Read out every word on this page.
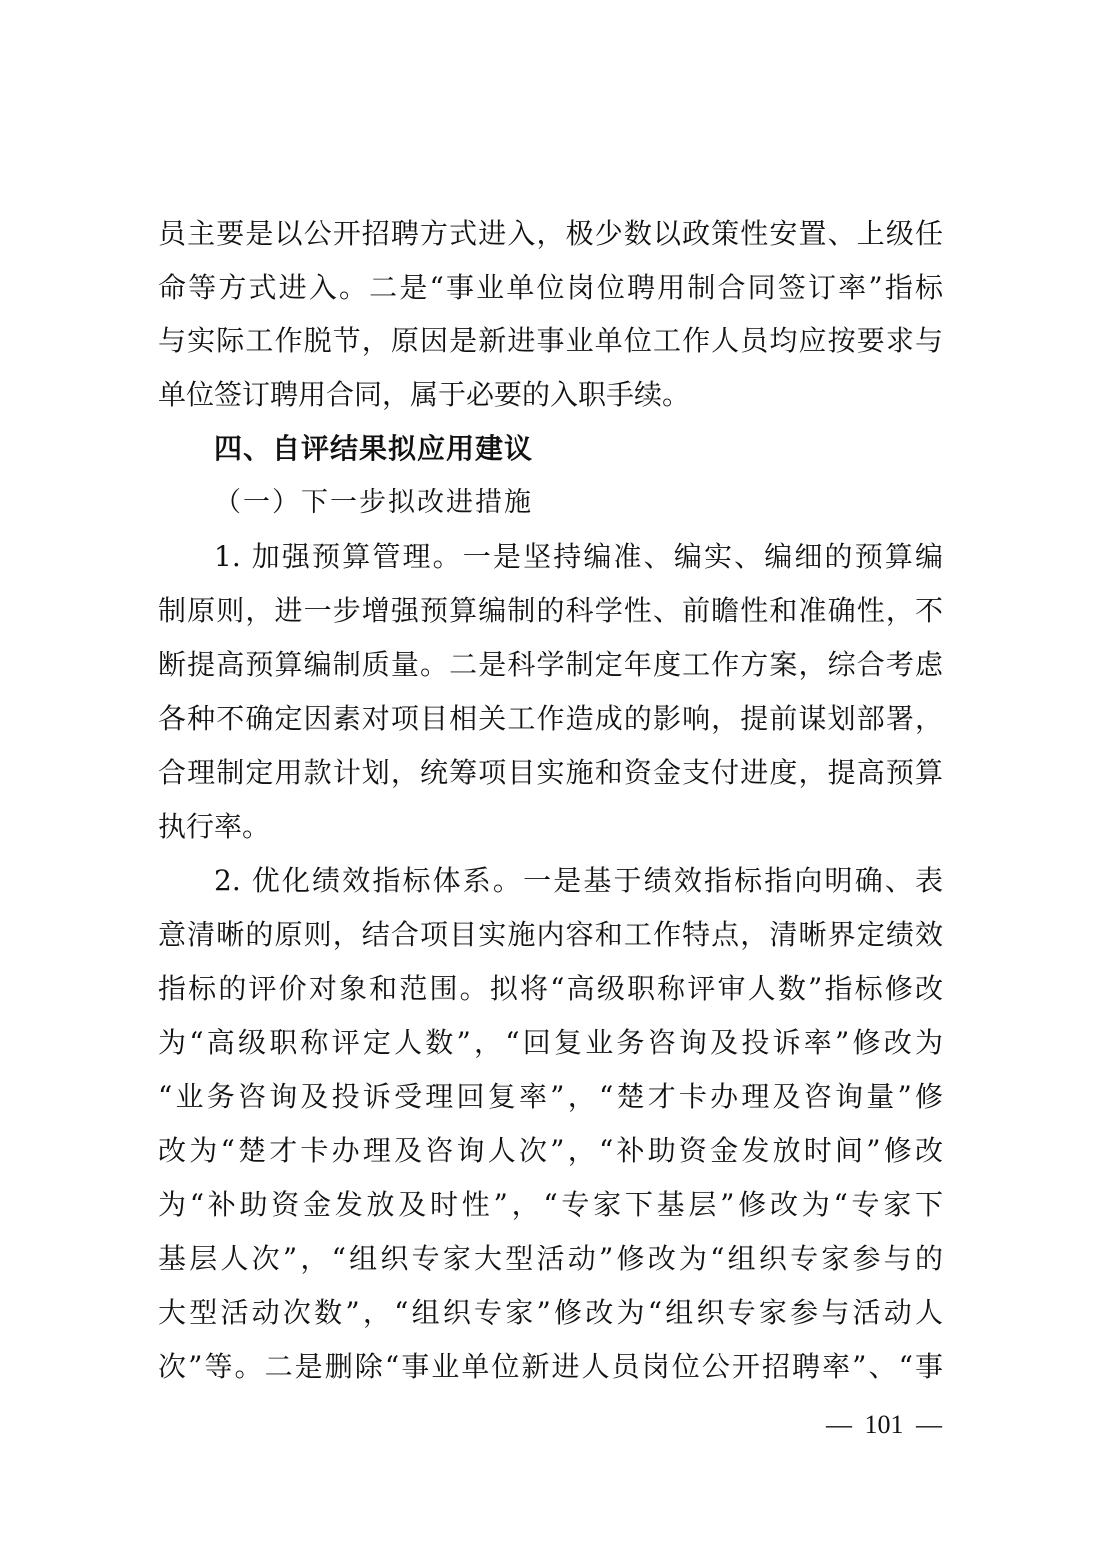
员主要是以公开招聘方式进入，极少数以政策性安置、上级任
命等方式进入。二是“事业单位岗位聘用制合同签订率”指标
与实际工作脱节，原因是新进事业单位工作人员均应按要求与
单位签订聘用合同，属于必要的入职手续。
四、自评结果拟应用建议
（一）下一步拟改进措施
1. 加强预算管理。一是坚持编准、编实、编细的预算编
制原则，进一步增强预算编制的科学性、前瞻性和准确性，不
断提高预算编制质量。二是科学制定年度工作方案，综合考虑
各种不确定因素对项目相关工作造成的影响，提前谋划部署，
合理制定用款计划，统筹项目实施和资金支付进度，提高预算
执行率。
2. 优化绩效指标体系。一是基于绩效指标指向明确、表
意清晰的原则，结合项目实施内容和工作特点，清晰界定绩效
指标的评价对象和范围。拟将“高级职称评审人数”指标修改
为“高级职称评定人数”，“回复业务咨询及投诉率”修改为
“业务咨询及投诉受理回复率”，“楚才卡办理及咨询量”修
改为“楚才卡办理及咨询人次”，“补助资金发放时间”修改
为“补助资金发放及时性”，“专家下基层”修改为“专家下
基层人次”，“组织专家大型活动”修改为“组织专家参与的
大型活动次数”，“组织专家”修改为“组织专家参与活动人
次”等。二是删除“事业单位新进人员岗位公开招聘率”、“事
— 101 —
